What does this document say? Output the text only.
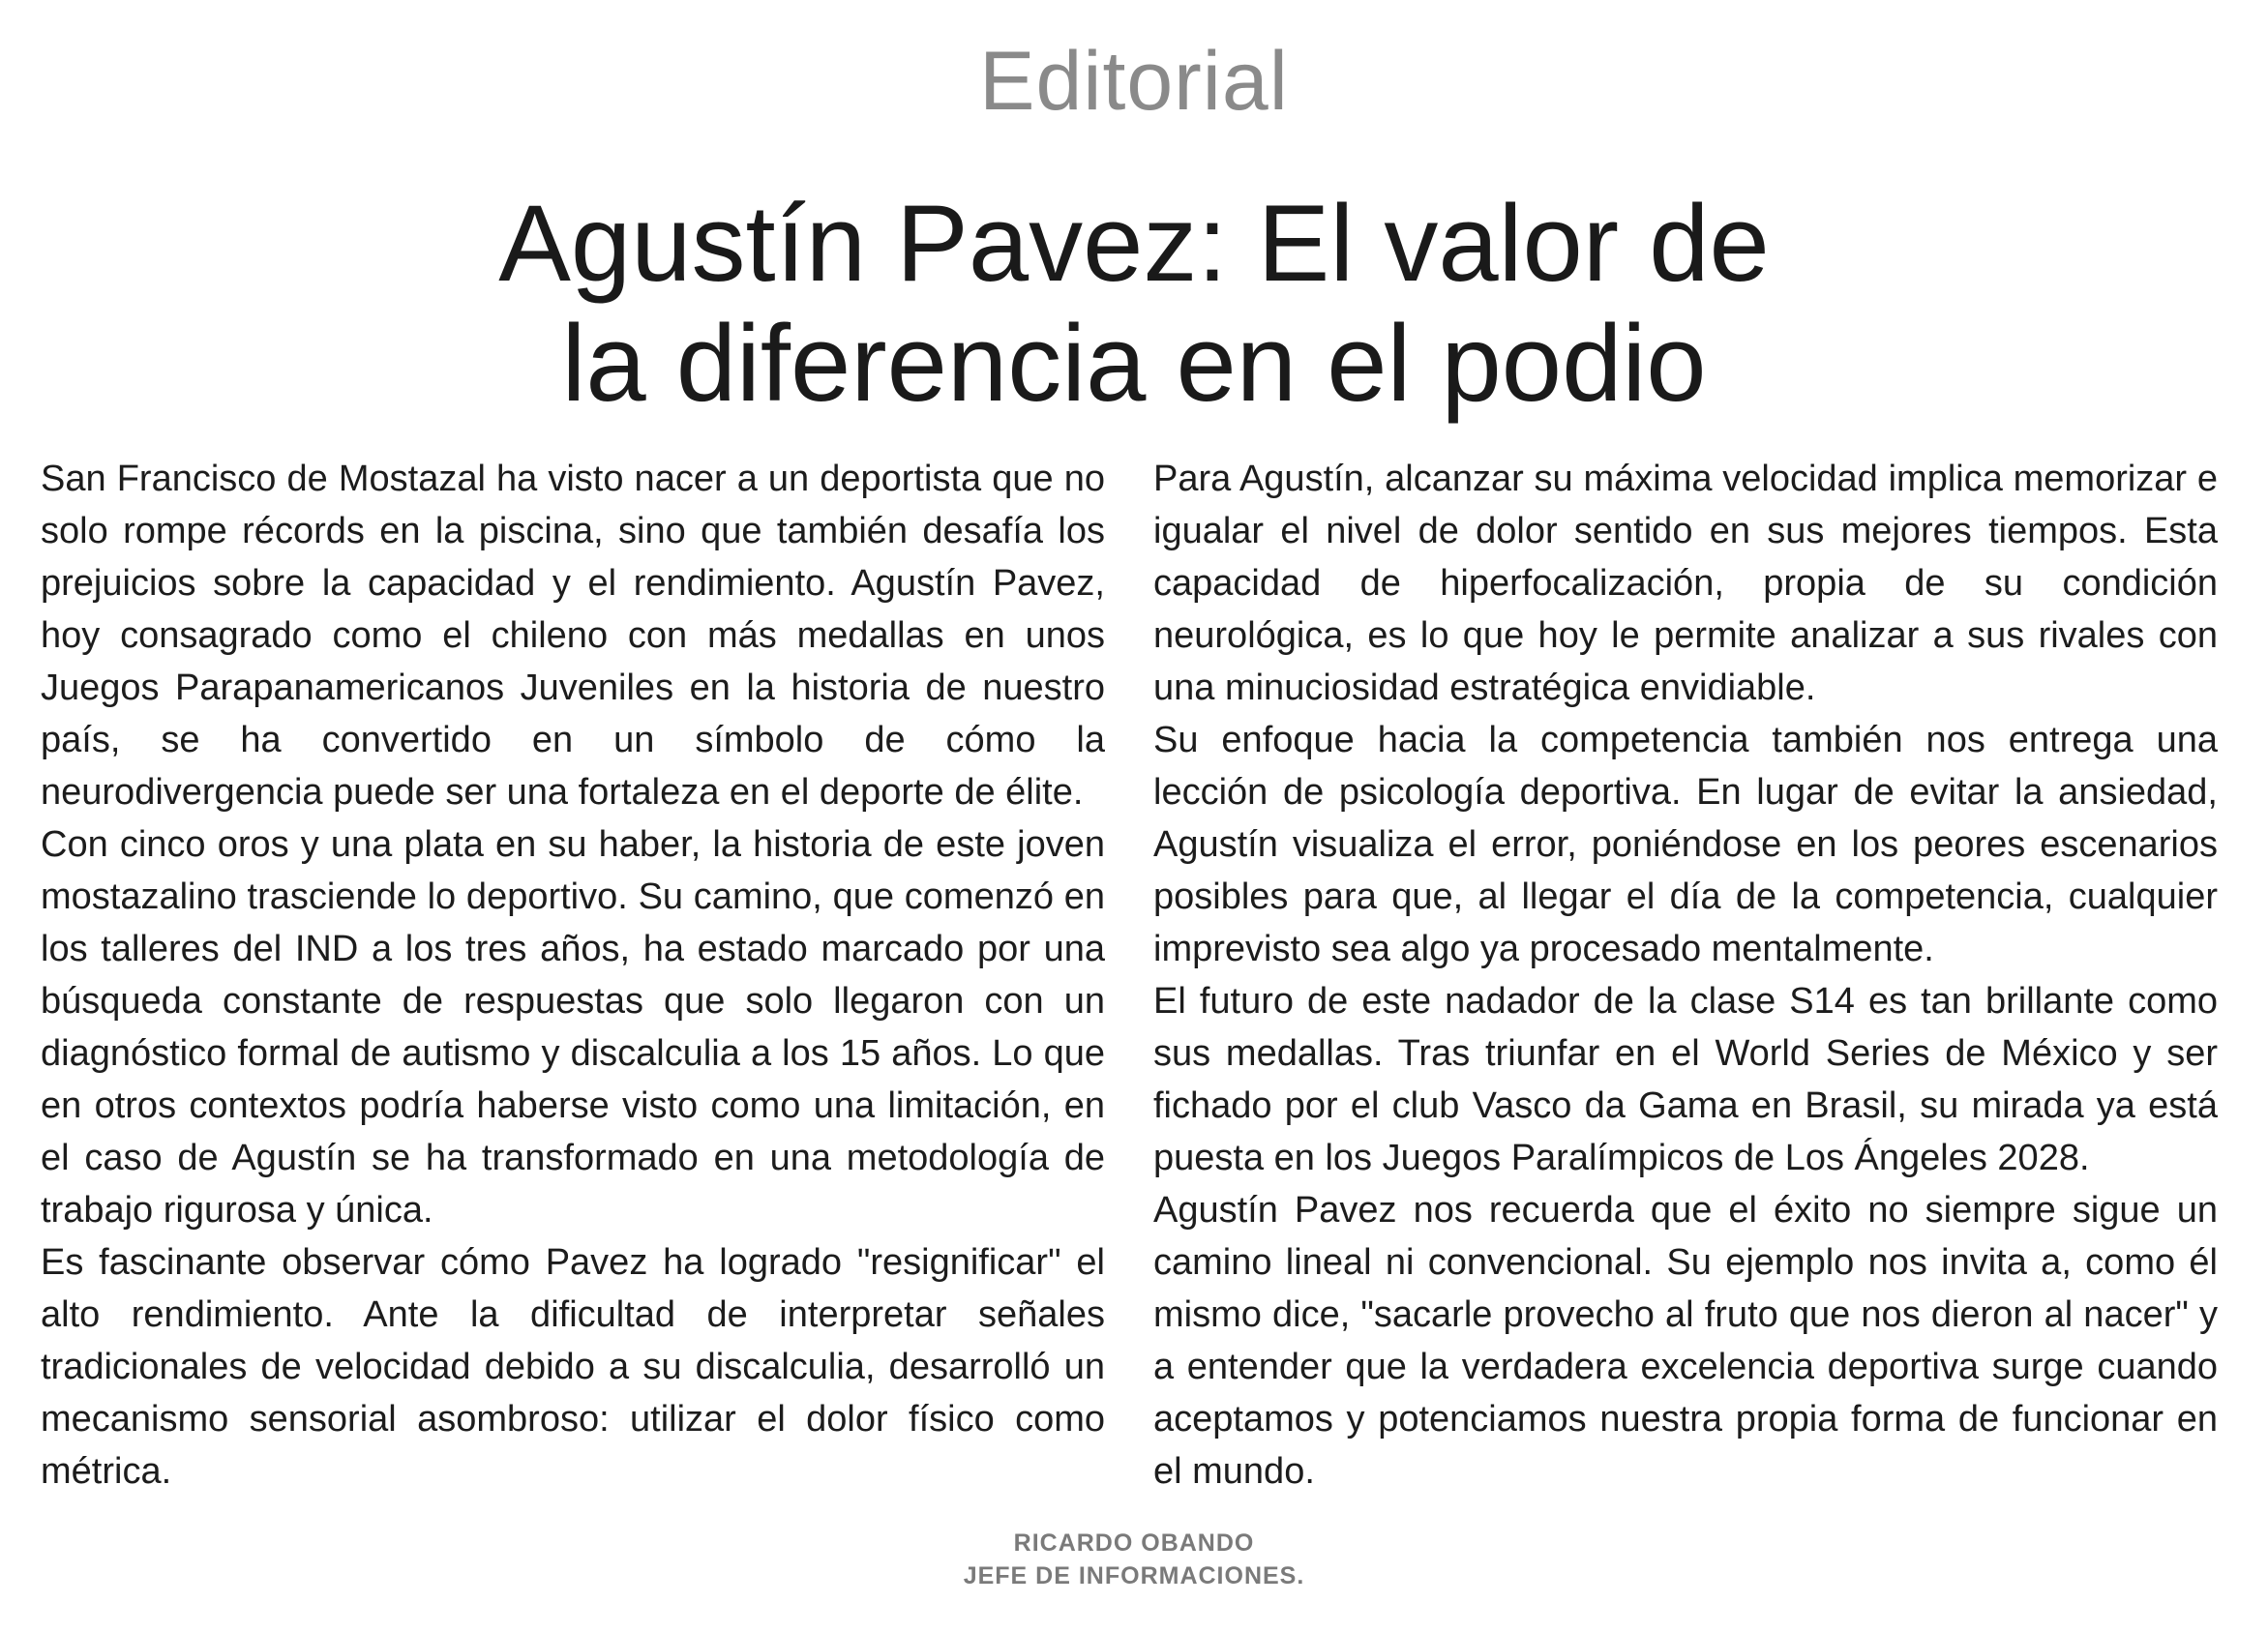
Editorial
Agustín Pavez: El valor de
la diferencia en el podio

San Francisco de Mostazal ha visto nacer a un deportista que no solo rompe récords en la piscina, sino que también desafía los prejuicios sobre la capacidad y el rendimiento. Agustín Pavez, hoy consagrado como el chileno con más medallas en unos Juegos Parapanamericanos Juveniles en la historia de nuestro país, se ha convertido en un símbolo de cómo la neurodivergencia puede ser una fortaleza en el deporte de élite.

Con cinco oros y una plata en su haber, la historia de este joven mostazalino trasciende lo deportivo. Su camino, que comenzó en los talleres del IND a los tres años, ha estado marcado por una búsqueda constante de respuestas que solo llegaron con un diagnóstico formal de autismo y discalculia a los 15 años. Lo que en otros contextos podría haberse visto como una limitación, en el caso de Agustín se ha transformado en una metodología de trabajo rigurosa y única.

Es fascinante observar cómo Pavez ha logrado "resignificar" el alto rendimiento. Ante la dificultad de interpretar señales tradicionales de velocidad debido a su discalculia, desarrolló un mecanismo sensorial asombroso: utilizar el dolor físico como métrica.

Para Agustín, alcanzar su máxima velocidad implica memorizar e igualar el nivel de dolor sentido en sus mejores tiempos. Esta capacidad de hiperfocalización, propia de su condición neurológica, es lo que hoy le permite analizar a sus rivales con una minuciosidad estratégica envidiable.

Su enfoque hacia la competencia también nos entrega una lección de psicología deportiva. En lugar de evitar la ansiedad, Agustín visualiza el error, poniéndose en los peores escenarios posibles para que, al llegar el día de la competencia, cualquier imprevisto sea algo ya procesado mentalmente.

El futuro de este nadador de la clase S14 es tan brillante como sus medallas. Tras triunfar en el World Series de México y ser fichado por el club Vasco da Gama en Brasil, su mirada ya está puesta en los Juegos Paralímpicos de Los Ángeles 2028.

Agustín Pavez nos recuerda que el éxito no siempre sigue un camino lineal ni convencional. Su ejemplo nos invita a, como él mismo dice, "sacarle provecho al fruto que nos dieron al nacer" y a entender que la verdadera excelencia deportiva surge cuando aceptamos y potenciamos nuestra propia forma de funcionar en el mundo.

RICARDO OBANDO
JEFE DE INFORMACIONES.
